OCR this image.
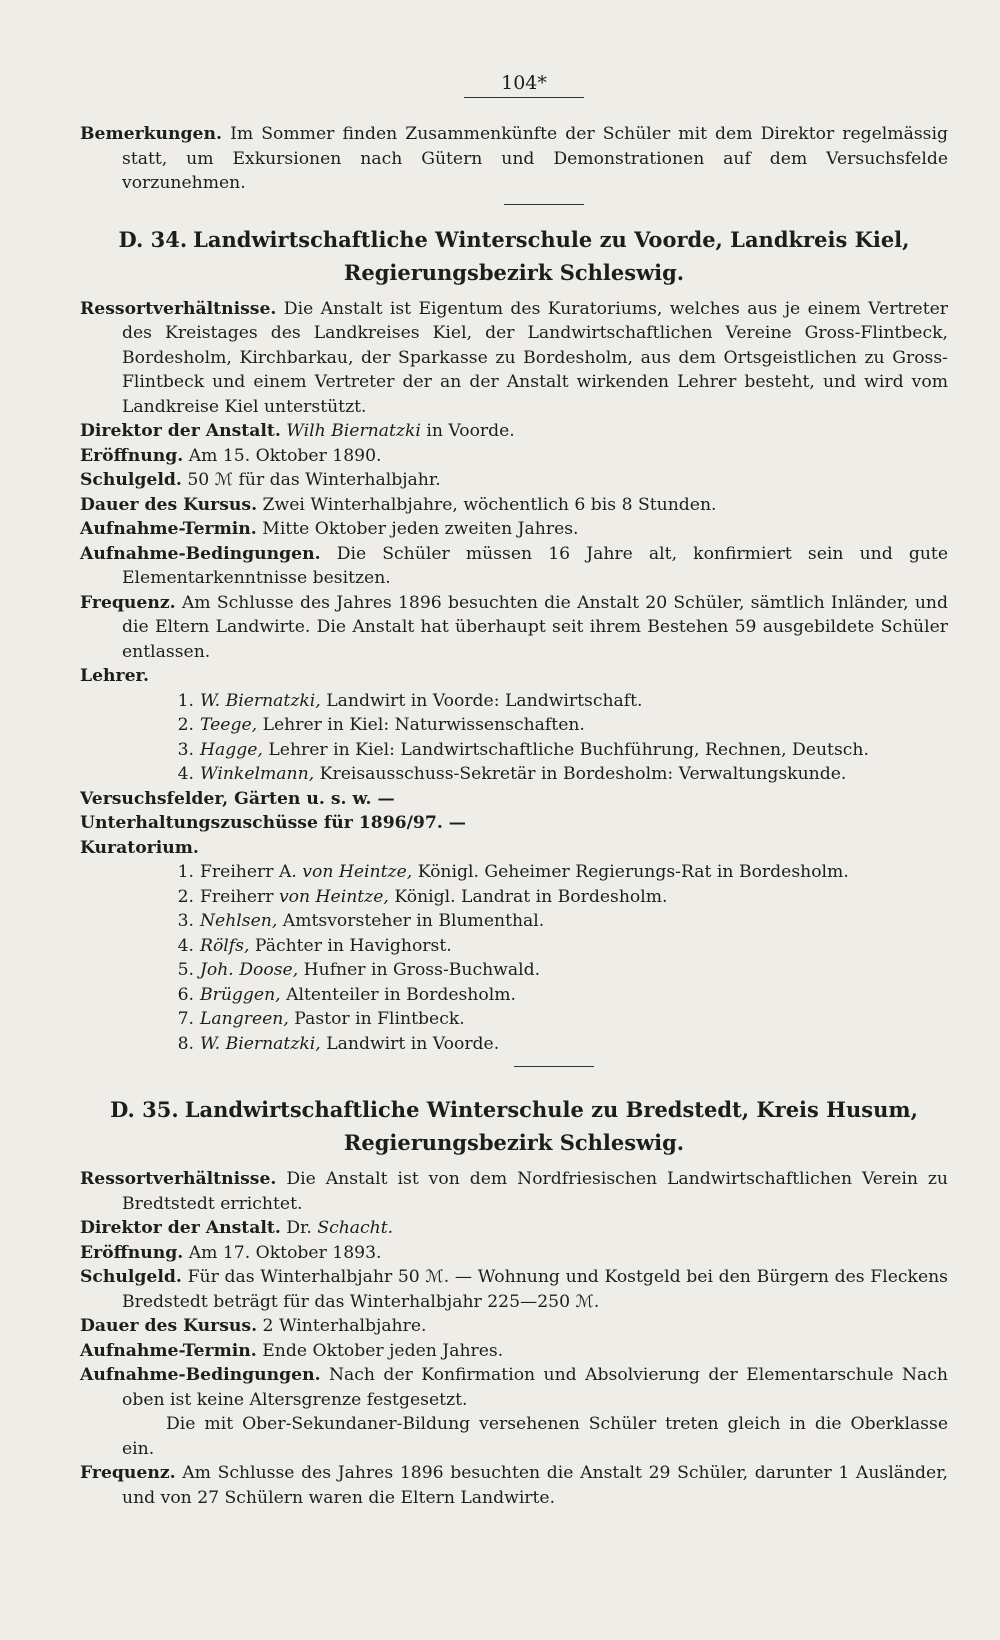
104*

Bemerkungen. Im Sommer finden Zusammenkünfte der Schüler mit dem Direktor regelmässig statt, um Exkursionen nach Gütern und Demonstrationen auf dem Versuchsfelde vorzunehmen.

D. 34. Landwirtschaftliche Winterschule zu Voorde, Landkreis Kiel,
Regierungsbezirk Schleswig.

Ressortverhältnisse. Die Anstalt ist Eigentum des Kuratoriums, welches aus je einem Vertreter des Kreistages des Landkreises Kiel, der Landwirtschaftlichen Vereine Gross-Flintbeck, Bordesholm, Kirchbarkau, der Sparkasse zu Bordesholm, aus dem Ortsgeistlichen zu Gross-Flintbeck und einem Vertreter der an der Anstalt wirkenden Lehrer besteht, und wird vom Landkreise Kiel unterstützt.

Direktor der Anstalt. Wilh Biernatzki in Voorde.

Eröffnung. Am 15. Oktober 1890.

Schulgeld. 50 ℳ für das Winterhalbjahr.

Dauer des Kursus. Zwei Winterhalbjahre, wöchentlich 6 bis 8 Stunden.

Aufnahme-Termin. Mitte Oktober jeden zweiten Jahres.

Aufnahme-Bedingungen. Die Schüler müssen 16 Jahre alt, konfirmiert sein und gute Elementarkenntnisse besitzen.

Frequenz. Am Schlusse des Jahres 1896 besuchten die Anstalt 20 Schüler, sämtlich Inländer, und die Eltern Landwirte. Die Anstalt hat überhaupt seit ihrem Bestehen 59 ausgebildete Schüler entlassen.

Lehrer.

1. W. Biernatzki, Landwirt in Voorde: Landwirtschaft.
2. Teege, Lehrer in Kiel: Naturwissenschaften.
3. Hagge, Lehrer in Kiel: Landwirtschaftliche Buchführung, Rechnen, Deutsch.
4. Winkelmann, Kreisausschuss-Sekretär in Bordesholm: Verwaltungskunde.

Versuchsfelder, Gärten u. s. w. —

Unterhaltungszuschüsse für 1896/97. —

Kuratorium.

1. Freiherr A. von Heintze, Königl. Geheimer Regierungs-Rat in Bordesholm.
2. Freiherr von Heintze, Königl. Landrat in Bordesholm.
3. Nehlsen, Amtsvorsteher in Blumenthal.
4. Rölfs, Pächter in Havighorst.
5. Joh. Doose, Hufner in Gross-Buchwald.
6. Brüggen, Altenteiler in Bordesholm.
7. Langreen, Pastor in Flintbeck.
8. W. Biernatzki, Landwirt in Voorde.
D. 35. Landwirtschaftliche Winterschule zu Bredstedt, Kreis Husum,
Regierungsbezirk Schleswig.

Ressortverhältnisse. Die Anstalt ist von dem Nordfriesischen Landwirtschaftlichen Verein zu Bredtstedt errichtet.

Direktor der Anstalt. Dr. Schacht.

Eröffnung. Am 17. Oktober 1893.

Schulgeld. Für das Winterhalbjahr 50 ℳ. — Wohnung und Kostgeld bei den Bürgern des Fleckens Bredstedt beträgt für das Winterhalbjahr 225—250 ℳ.

Dauer des Kursus. 2 Winterhalbjahre.

Aufnahme-Termin. Ende Oktober jeden Jahres.

Aufnahme-Bedingungen. Nach der Konfirmation und Absolvierung der Elementarschule Nach oben ist keine Altersgrenze festgesetzt.

Die mit Ober-Sekundaner-Bildung versehenen Schüler treten gleich in die Oberklasse ein.

Frequenz. Am Schlusse des Jahres 1896 besuchten die Anstalt 29 Schüler, darunter 1 Ausländer, und von 27 Schülern waren die Eltern Landwirte.
